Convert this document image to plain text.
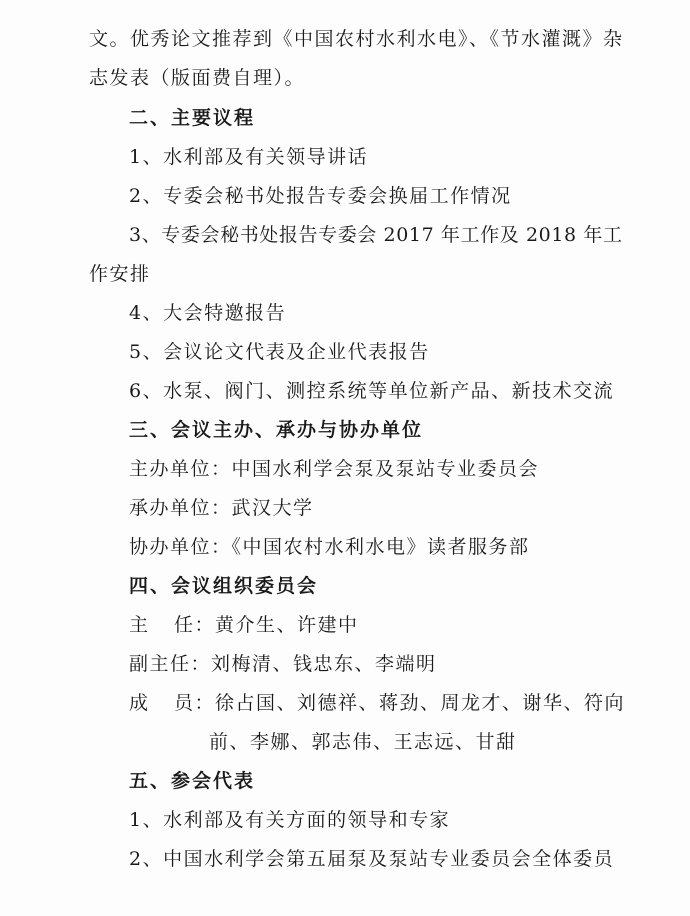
文。优秀论文推荐到《中国农村水利水电》、《节水灌溉》杂
志发表（版面费自理）。
二、主要议程
1、水利部及有关领导讲话
2、专委会秘书处报告专委会换届工作情况
3、专委会秘书处报告专委会 2017 年工作及 2018 年工
作安排
4、大会特邀报告
5、会议论文代表及企业代表报告
6、水泵、阀门、测控系统等单位新产品、新技术交流
三、会议主办、承办与协办单位
主办单位：中国水利学会泵及泵站专业委员会
承办单位：武汉大学
协办单位：《中国农村水利水电》读者服务部
四、会议组织委员会
主 任：黄介生、许建中
副主任：刘梅清、钱忠东、李端明
成 员：徐占国、刘德祥、蒋劲、周龙才、谢华、符向
前、李娜、郭志伟、王志远、甘甜
五、参会代表
1、水利部及有关方面的领导和专家
2、中国水利学会第五届泵及泵站专业委员会全体委员
